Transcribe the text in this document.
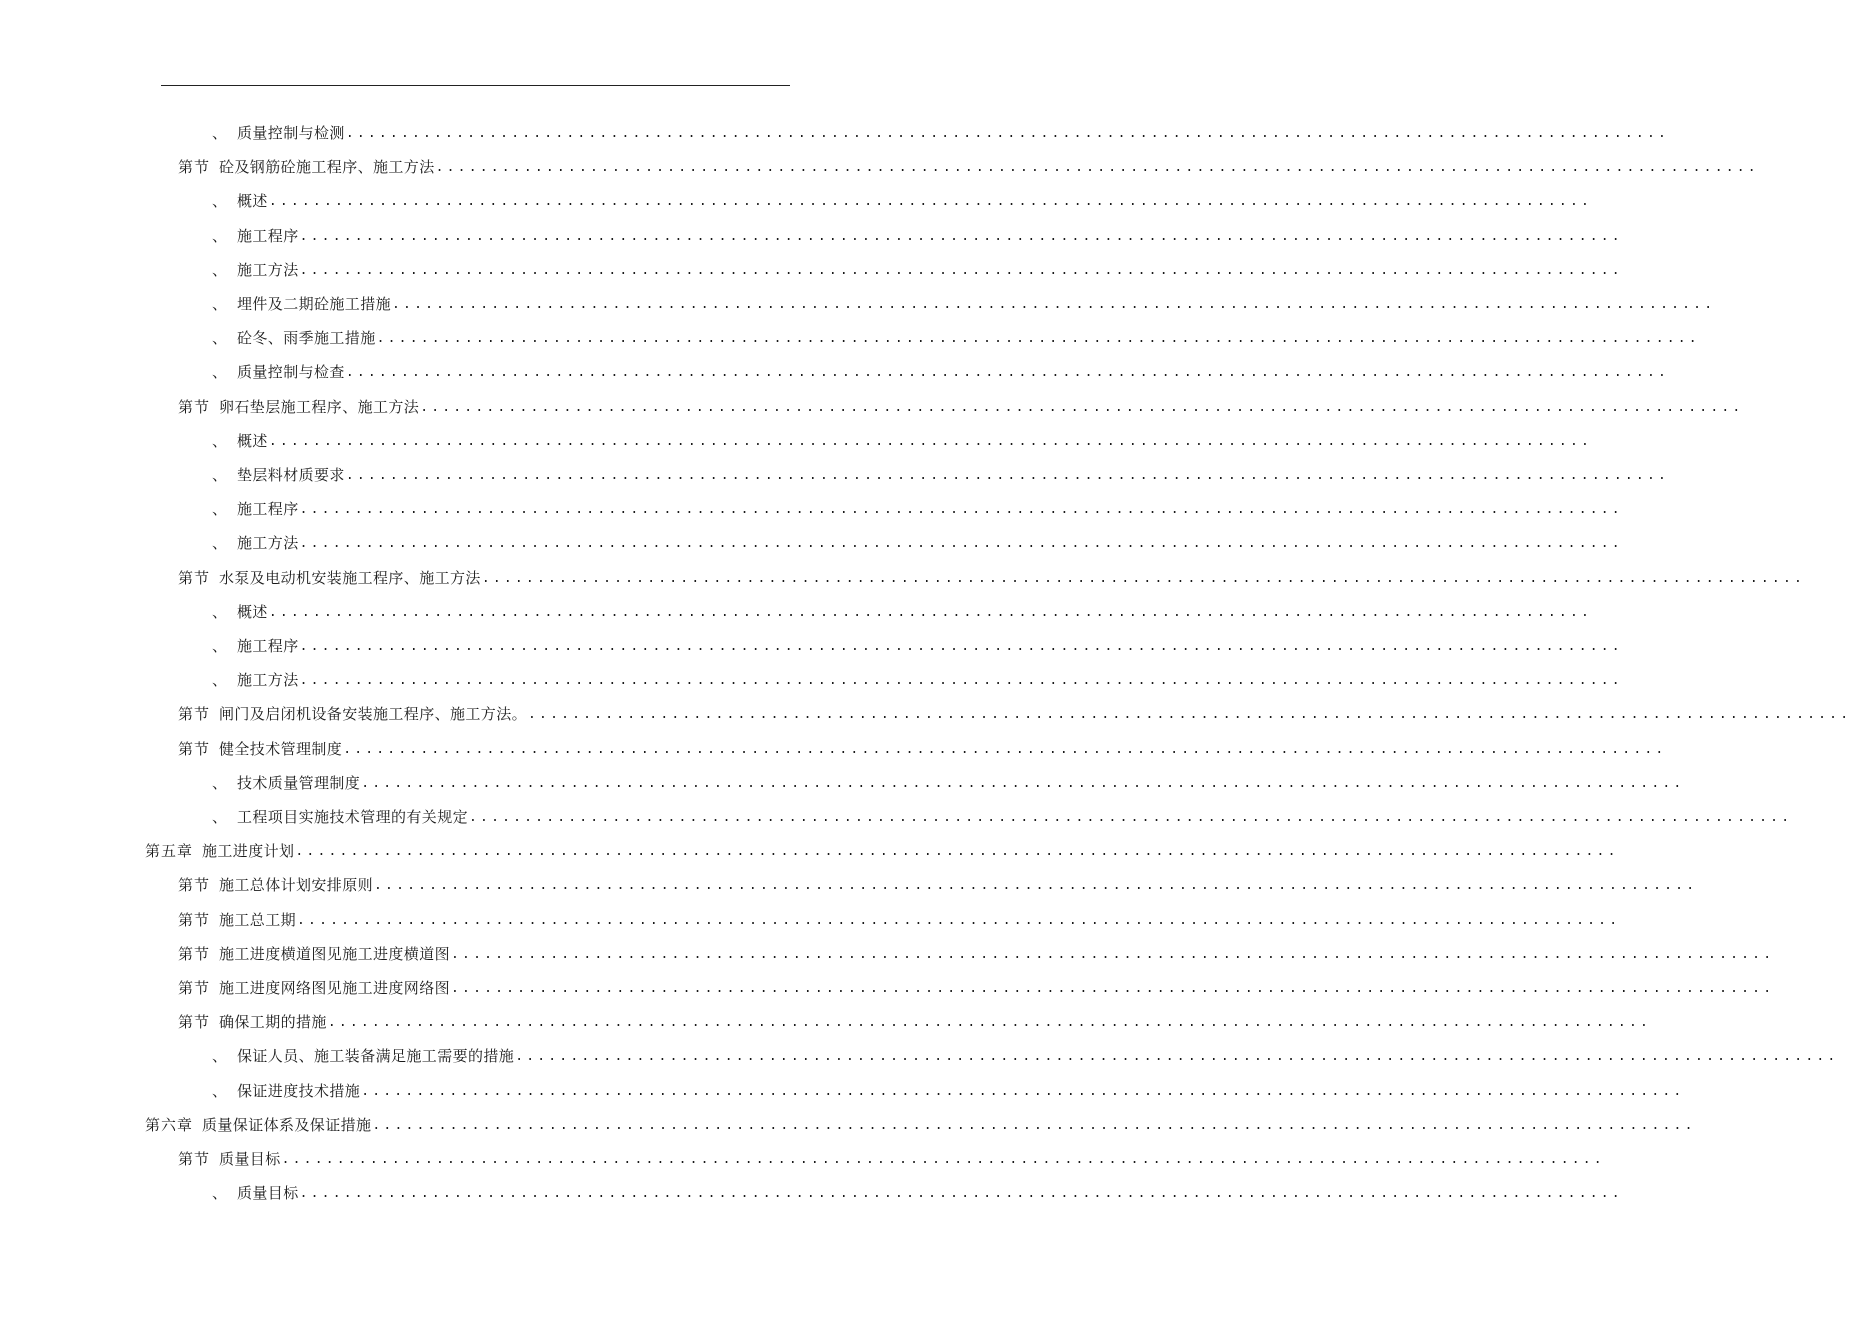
、 质量控制与检测 ........................................................................................................................
第节 砼及钢筋砼施工程序、施工方法 ........................................................................................................................
、 概述 ........................................................................................................................
、 施工程序 ........................................................................................................................
、 施工方法 ........................................................................................................................
、 埋件及二期砼施工措施 ........................................................................................................................
、 砼冬、雨季施工措施 ........................................................................................................................
、 质量控制与检查 ........................................................................................................................
第节 卵石垫层施工程序、施工方法 ........................................................................................................................
、 概述 ........................................................................................................................
、 垫层料材质要求 ........................................................................................................................
、 施工程序 ........................................................................................................................
、 施工方法 ........................................................................................................................
第节 水泵及电动机安装施工程序、施工方法 ........................................................................................................................
、 概述 ........................................................................................................................
、 施工程序 ........................................................................................................................
、 施工方法 ........................................................................................................................
第节 闸门及启闭机设备安装施工程序、施工方法。 ........................................................................................................................
第节 健全技术管理制度 ........................................................................................................................
、 技术质量管理制度 ........................................................................................................................
、 工程项目实施技术管理的有关规定 ........................................................................................................................
第五章 施工进度计划 ........................................................................................................................
第节 施工总体计划安排原则 ........................................................................................................................
第节 施工总工期 ........................................................................................................................
第节 施工进度横道图见施工进度横道图 ........................................................................................................................
第节 施工进度网络图见施工进度网络图 ........................................................................................................................
第节 确保工期的措施 ........................................................................................................................
、 保证人员、施工装备满足施工需要的措施 ........................................................................................................................
、 保证进度技术措施 ........................................................................................................................
第六章 质量保证体系及保证措施 ........................................................................................................................
第节 质量目标 ........................................................................................................................
、 质量目标 ........................................................................................................................
